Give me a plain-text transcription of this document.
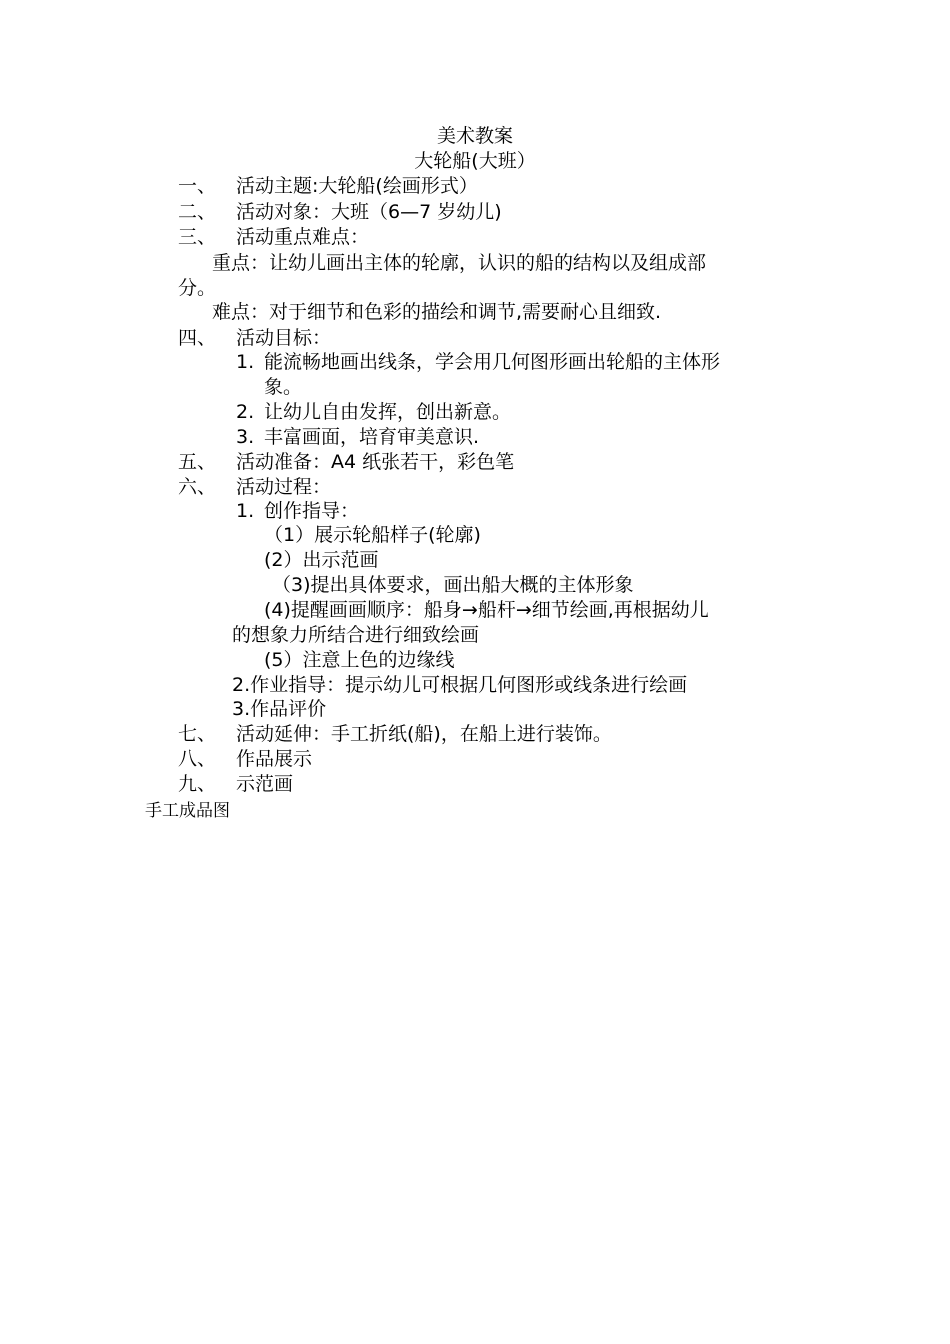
美术教案
大轮船(大班）
一、 活动主题:大轮船(绘画形式）
二、 活动对象：大班（6—7 岁幼儿)
三、 活动重点难点：
重点：让幼儿画出主体的轮廓，认识的船的结构以及组成部
分。
难点：对于细节和色彩的描绘和调节,需要耐心且细致.
四、 活动目标：
1. 能流畅地画出线条，学会用几何图形画出轮船的主体形
象。
2. 让幼儿自由发挥，创出新意。
3. 丰富画面，培育审美意识.
五、 活动准备：A4 纸张若干，彩色笔
六、 活动过程：
1. 创作指导：
（1）展示轮船样子(轮廓)
(2）出示范画
（3)提出具体要求，画出船大概的主体形象
(4)提醒画画顺序：船身→船杆→细节绘画,再根据幼儿
的想象力所结合进行细致绘画
(5）注意上色的边缘线
2.作业指导：提示幼儿可根据几何图形或线条进行绘画
3.作品评价
七、 活动延伸：手工折纸(船)，在船上进行装饰。
八、 作品展示
九、 示范画
手工成品图
